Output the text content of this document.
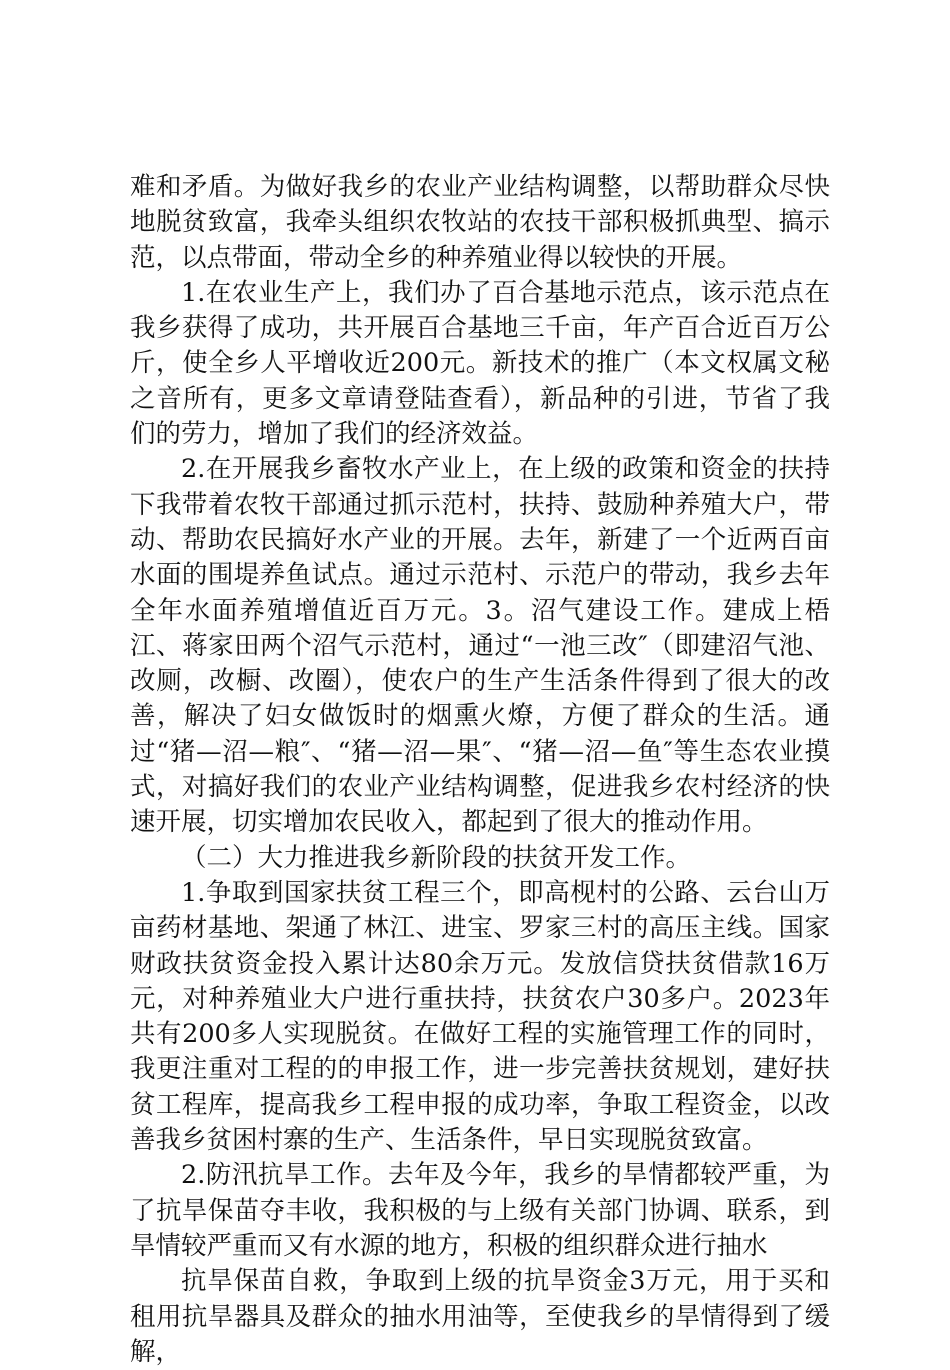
难和矛盾。为做好我乡的农业产业结构调整，以帮助群众尽快地脱贫致富，我牵头组织农牧站的农技干部积极抓典型、搞示范，以点带面，带动全乡的种养殖业得以较快的开展。

1.在农业生产上，我们办了百合基地示范点，该示范点在我乡获得了成功，共开展百合基地三千亩，年产百合近百万公斤，使全乡人平增收近200元。新技术的推广（本文权属文秘之音所有，更多文章请登陆查看），新品种的引进，节省了我们的劳力，增加了我们的经济效益。

2.在开展我乡畜牧水产业上，在上级的政策和资金的扶持下我带着农牧干部通过抓示范村，扶持、鼓励种养殖大户，带动、帮助农民搞好水产业的开展。去年，新建了一个近两百亩水面的围堤养鱼试点。通过示范村、示范户的带动，我乡去年全年水面养殖增值近百万元。3。沼气建设工作。建成上梧江、蒋家田两个沼气示范村，通过“一池三改″（即建沼气池、改厕，改橱、改圈），使农户的生产生活条件得到了很大的改善，解决了妇女做饭时的烟熏火燎，方便了群众的生活。通过“猪—沼—粮″、“猪—沼—果″、“猪—沼—鱼″等生态农业摸式，对搞好我们的农业产业结构调整，促进我乡农村经济的快速开展，切实增加农民收入，都起到了很大的推动作用。

（二）大力推进我乡新阶段的扶贫开发工作。

1.争取到国家扶贫工程三个，即高枧村的公路、云台山万亩药材基地、架通了林江、进宝、罗家三村的高压主线。国家财政扶贫资金投入累计达80余万元。发放信贷扶贫借款16万元，对种养殖业大户进行重扶持，扶贫农户30多户。2023年共有200多人实现脱贫。在做好工程的实施管理工作的同时，我更注重对工程的的申报工作，进一步完善扶贫规划，建好扶贫工程库，提高我乡工程申报的成功率，争取工程资金，以改善我乡贫困村寨的生产、生活条件，早日实现脱贫致富。

2.防汛抗旱工作。去年及今年，我乡的旱情都较严重，为了抗旱保苗夺丰收，我积极的与上级有关部门协调、联系，到旱情较严重而又有水源的地方，积极的组织群众进行抽水

抗旱保苗自救，争取到上级的抗旱资金3万元，用于买和租用抗旱器具及群众的抽水用油等，至使我乡的旱情得到了缓解，
